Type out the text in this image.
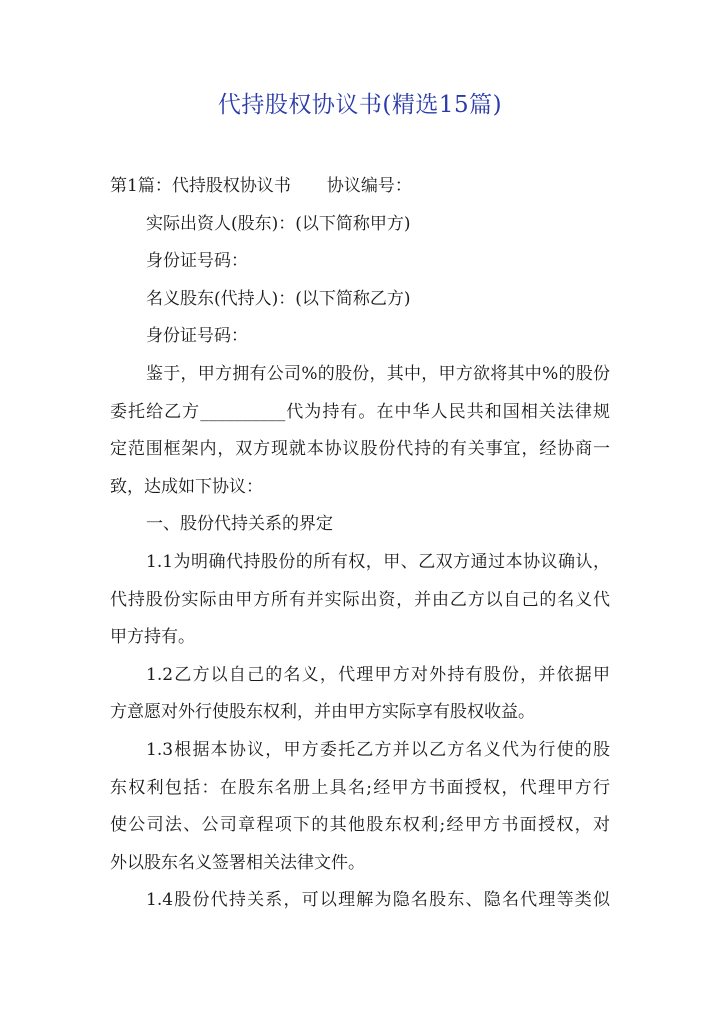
代持股权协议书(精选15篇)
第1篇：代持股权协议书 协议编号：
实际出资人(股东)：(以下简称甲方)
身份证号码：
名义股东(代持人)：(以下简称乙方)
身份证号码：
鉴于，甲方拥有公司%的股份，其中，甲方欲将其中%的股份
委托给乙方__________代为持有。在中华人民共和国相关法律规
定范围框架内，双方现就本协议股份代持的有关事宜，经协商一
致，达成如下协议：
一、股份代持关系的界定
1.1为明确代持股份的所有权，甲、乙双方通过本协议确认，
代持股份实际由甲方所有并实际出资，并由乙方以自己的名义代
甲方持有。
1.2乙方以自己的名义，代理甲方对外持有股份，并依据甲
方意愿对外行使股东权利，并由甲方实际享有股权收益。
1.3根据本协议，甲方委托乙方并以乙方名义代为行使的股
东权利包括：在股东名册上具名;经甲方书面授权，代理甲方行
使公司法、公司章程项下的其他股东权利;经甲方书面授权，对
外以股东名义签署相关法律文件。
1.4股份代持关系，可以理解为隐名股东、隐名代理等类似
